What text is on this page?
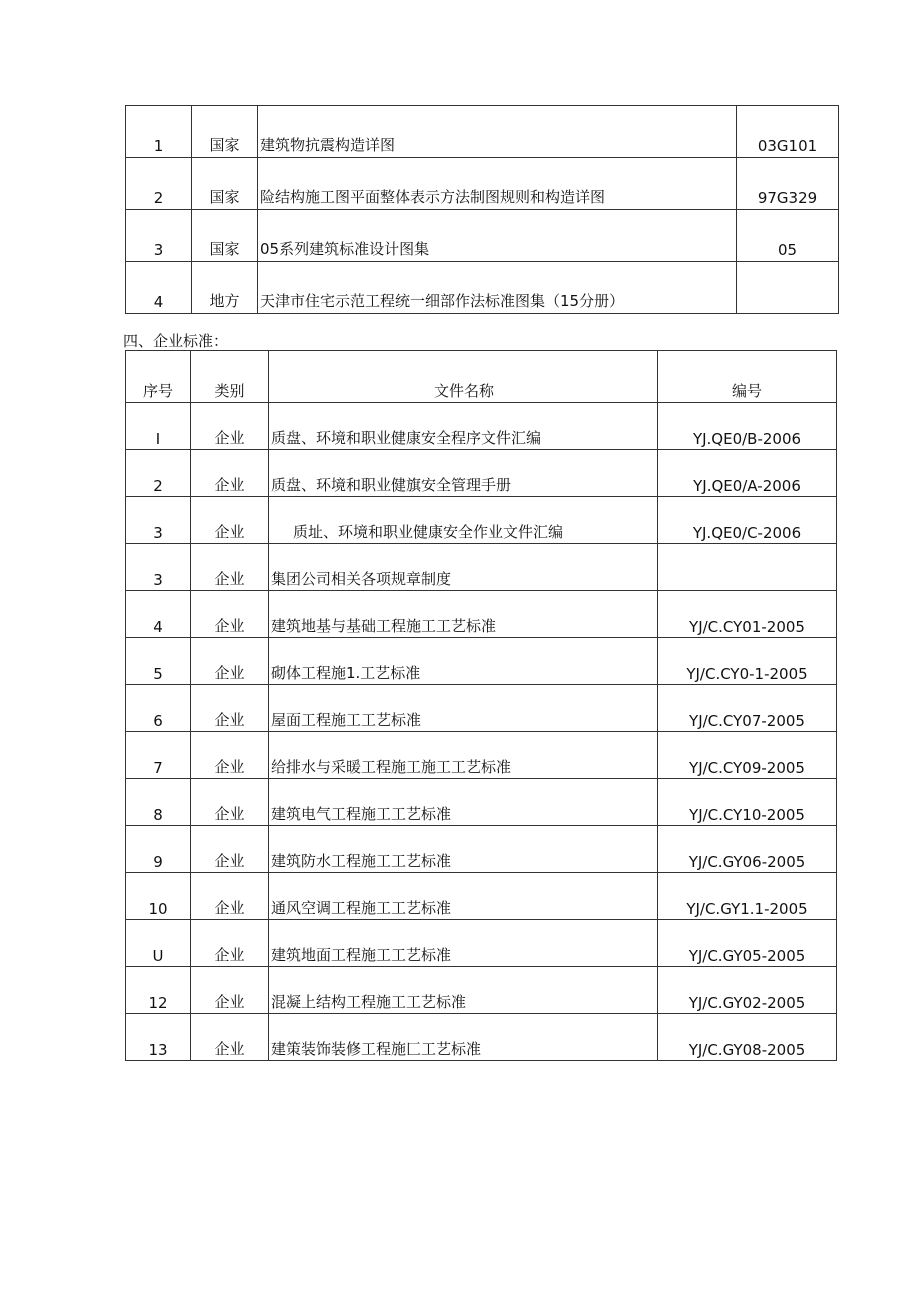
1	国家	建筑物抗震构造详图	03G101
2	国家	险结构施工图平面整体表示方法制图规则和构造详图	97G329
3	国家	05系列建筑标准设计图集	05
4	地方	天津市住宅示范工程统一细部作法标准图集（15分册）	
四、企业标准：
序号	类别	文件名称	编号
I	企业	质盘、环境和职业健康安全程序文件汇编	YJ.QE0/B-2006
2	企业	质盘、环境和职业健旗安全管理手册	YJ.QE0/A-2006
3	企业	质址、环境和职业健康安全作业文件汇编	YJ.QE0/C-2006
3	企业	集团公司相关各项规章制度	
4	企业	建筑地基与基础工程施工工艺标准	YJ/C.CY01-2005
5	企业	砌体工程施1.工艺标准	YJ/C.CY0-1-2005
6	企业	屋面工程施工工艺标准	YJ/C.CY07-2005
7	企业	给排水与采暖工程施工施工工艺标准	YJ/C.CY09-2005
8	企业	建筑电气工程施工工艺标准	YJ/C.CY10-2005
9	企业	建筑防水工程施工工艺标准	YJ/C.GY06-2005
10	企业	通风空调工程施工工艺标准	YJ/C.GY1.1-2005
U	企业	建筑地面工程施工工艺标准	YJ/C.GY05-2005
12	企业	混凝上结构工程施工工艺标准	YJ/C.GY02-2005
13	企业	建策装饰装修工程施匚工艺标准	YJ/C.GY08-2005
